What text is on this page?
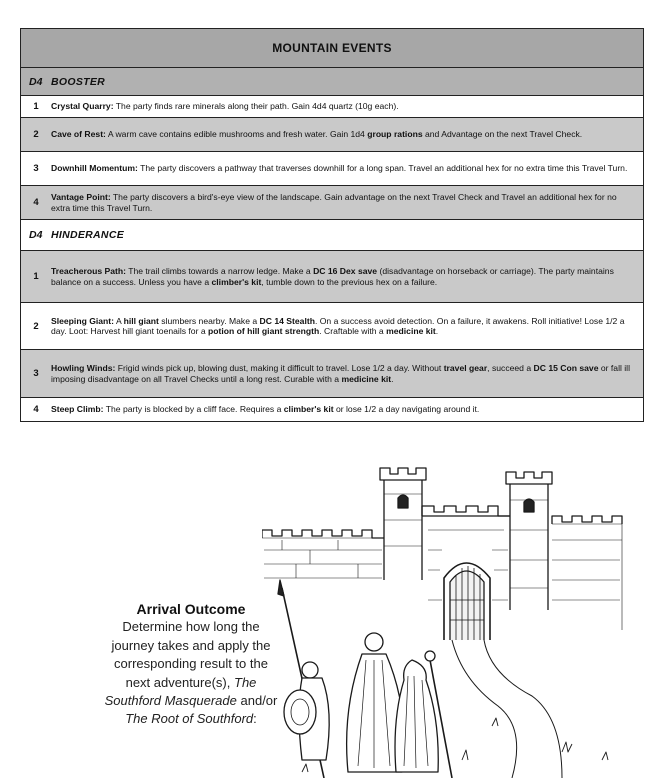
MOUNTAIN EVENTS
D4 BOOSTER
1	Crystal Quarry: The party finds rare minerals along their path. Gain 4d4 quartz (10g each).
2	Cave of Rest: A warm cave contains edible mushrooms and fresh water. Gain 1d4 group rations and Advantage on the next Travel Check.
3	Downhill Momentum: The party discovers a pathway that traverses downhill for a long span. Travel an additional hex for no extra time this Travel Turn.
4	Vantage Point: The party discovers a bird's-eye view of the landscape. Gain advantage on the next Travel Check and Travel an additional hex for no extra time this Travel Turn.
D4 HINDERANCE
1	Treacherous Path: The trail climbs towards a narrow ledge. Make a DC 16 Dex save (disadvantage on horseback or carriage). The party maintains balance on a success. Unless you have a climber's kit, tumble down to the previous hex on a failure.
2	Sleeping Giant: A hill giant slumbers nearby. Make a DC 14 Stealth. On a success avoid detection. On a failure, it awakens. Roll initiative! Lose 1/2 a day. Loot: Harvest hill giant toenails for a potion of hill giant strength. Craftable with a medicine kit.
3	Howling Winds: Frigid winds pick up, blowing dust, making it difficult to travel. Lose 1/2 a day. Without travel gear, succeed a DC 15 Con save or fall ill imposing disadvantage on all Travel Checks until a long rest. Curable with a medicine kit.
4	Steep Climb: The party is blocked by a cliff face. Requires a climber's kit or lose 1/2 a day navigating around it.
Arrival Outcome
Determine how long the journey takes and apply the corresponding result to the next adventure(s), The Southford Masquerade and/or The Root of Southford:
